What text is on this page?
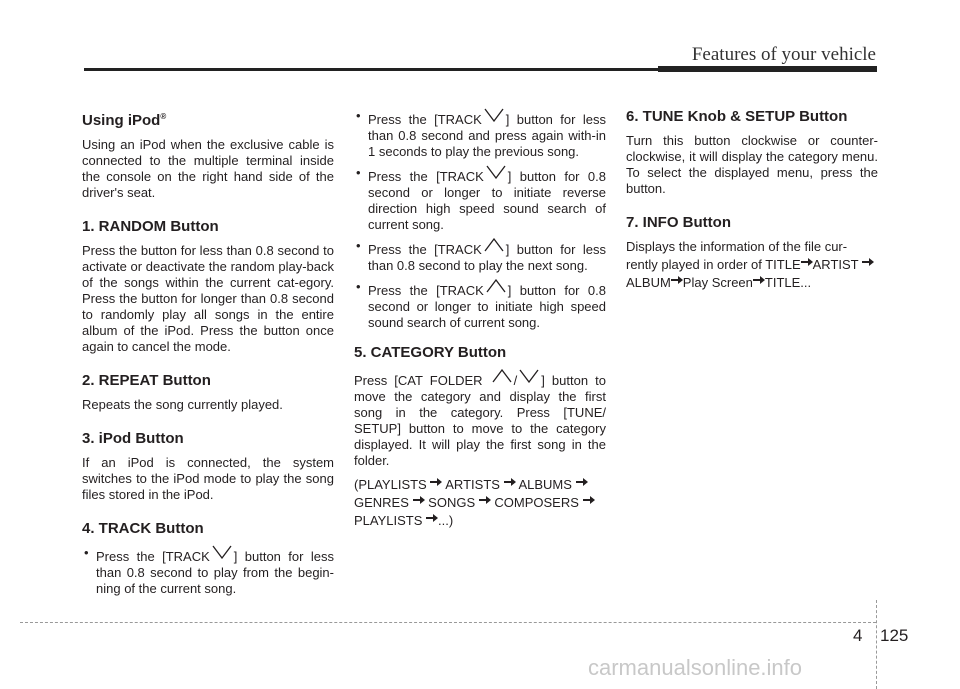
Features of your vehicle
Using iPod®

Using an iPod when the exclusive cable is connected to the multiple terminal inside the console on the right hand side of the driver's seat.

1. RANDOM Button

Press the button for less than 0.8 second to activate or deactivate the random play-back of the songs within the current cat-egory. Press the button for longer than 0.8 second to randomly play all songs in the entire album of the iPod. Press the button once again to cancel the mode.

2. REPEAT Button

Repeats the song currently played.

3. iPod Button

If an iPod is connected, the system switches to the iPod mode to play the song files stored in the iPod.

4. TRACK Button
• Press the [TRACK ] button for less than 0.8 second to play from the begin-ning of the current song.
• Press the [TRACK ] button for less than 0.8 second and press again with-in 1 seconds to play the previous song.
• Press the [TRACK ] button for 0.8 second or longer to initiate reverse direction high speed sound search of current song.
• Press the [TRACK ] button for less than 0.8 second to play the next song.
• Press the [TRACK ] button for 0.8 second or longer to initiate high speed sound search of current song.
5. CATEGORY Button

Press [CAT FOLDER / ] button to move the category and display the first song in the category. Press [TUNE/ SETUP] button to move to the category displayed. It will play the first song in the folder.

(PLAYLISTS ARTISTS ALBUMS  GENRES SONGS COMPOSERS  PLAYLISTS ...)

6. TUNE Knob & SETUP Button

Turn this button clockwise or counter-clockwise, it will display the category menu. To select the displayed menu, press the button.

7. INFO Button

Displays the information of the file cur-rently played in order of TITLE ARTIST ALBUM Play Screen TITLE...

4 125
carmanualsonline.info
